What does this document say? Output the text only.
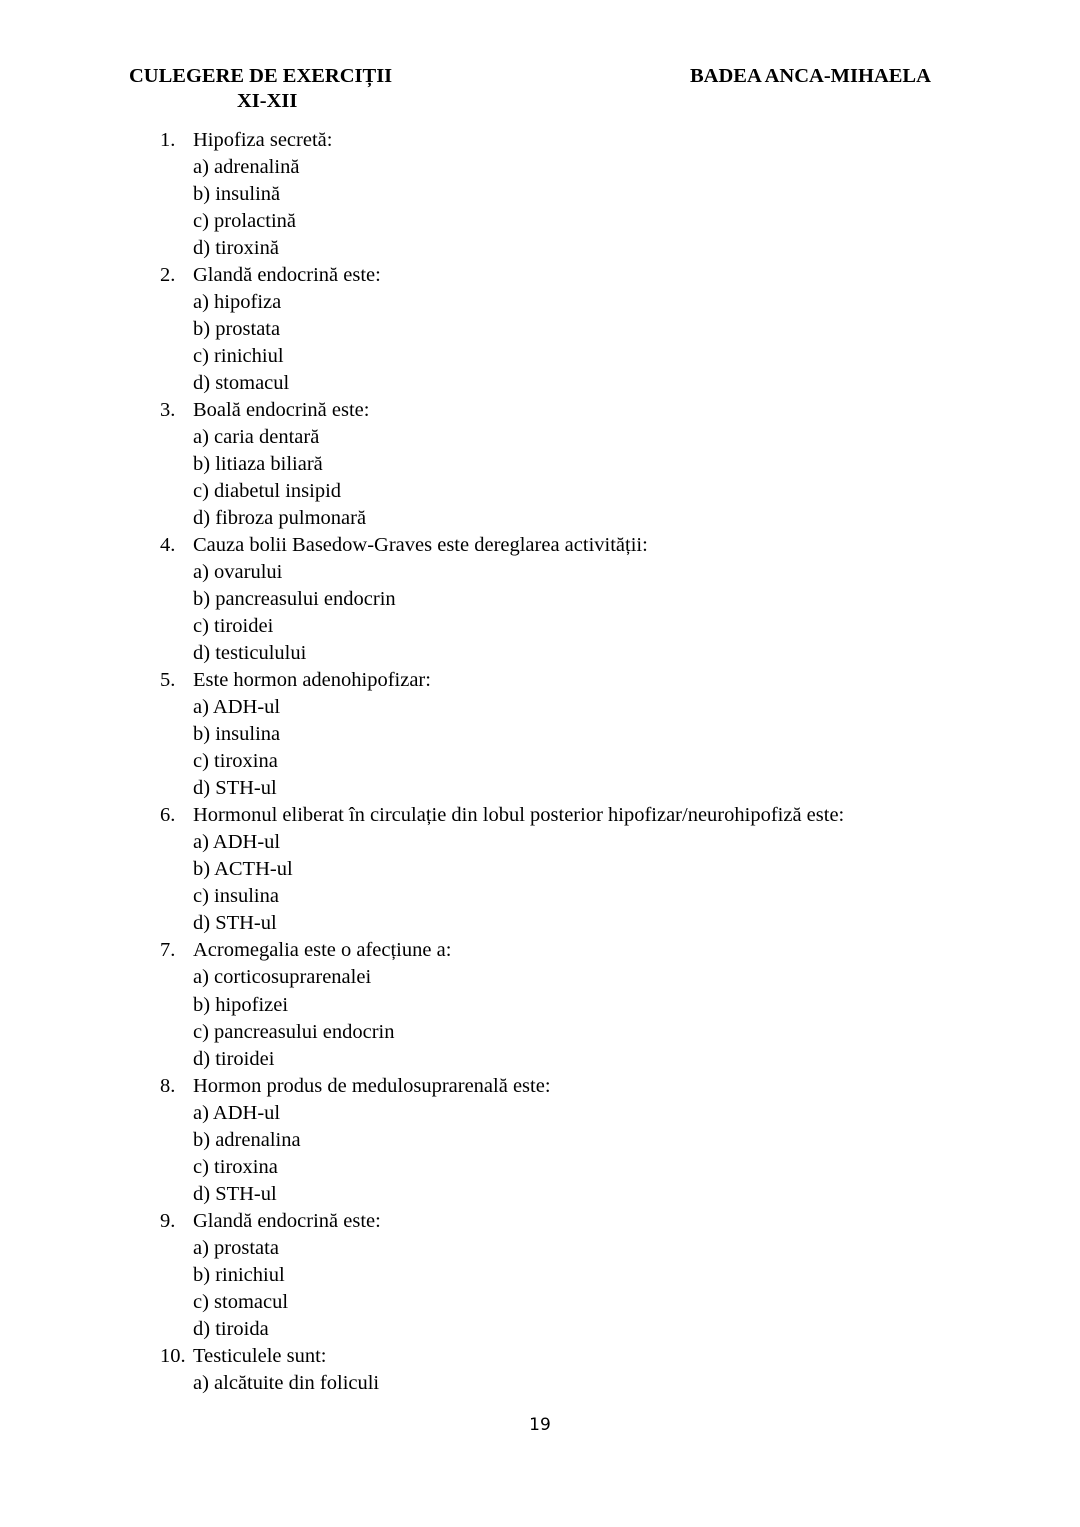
CULEGERE DE EXERCIȚII
XI-XII
BADEA ANCA-MIHAELA
1. Hipofiza secretă:
a) adrenalină
b) insulină
c) prolactină
d) tiroxină
2. Glandă endocrină este:
a) hipofiza
b) prostata
c) rinichiul
d) stomacul
3. Boală endocrină este:
a) caria dentară
b) litiaza biliară
c) diabetul insipid
d) fibroza pulmonară
4. Cauza bolii Basedow-Graves este dereglarea activității:
a) ovarului
b) pancreasului endocrin
c) tiroidei
d) testiculului
5. Este hormon adenohipofizar:
a) ADH-ul
b) insulina
c) tiroxina
d) STH-ul
6. Hormonul eliberat în circulație din lobul posterior hipofizar/neurohipofiză este:
a) ADH-ul
b) ACTH-ul
c) insulina
d) STH-ul
7. Acromegalia este o afecțiune a:
a) corticosuprarenalei
b) hipofizei
c) pancreasului endocrin
d) tiroidei
8. Hormon produs de medulosuprarenală este:
a) ADH-ul
b) adrenalina
c) tiroxina
d) STH-ul
9. Glandă endocrină este:
a) prostata
b) rinichiul
c) stomacul
d) tiroida
10. Testiculele sunt:
a) alcătuite din foliculi
19
